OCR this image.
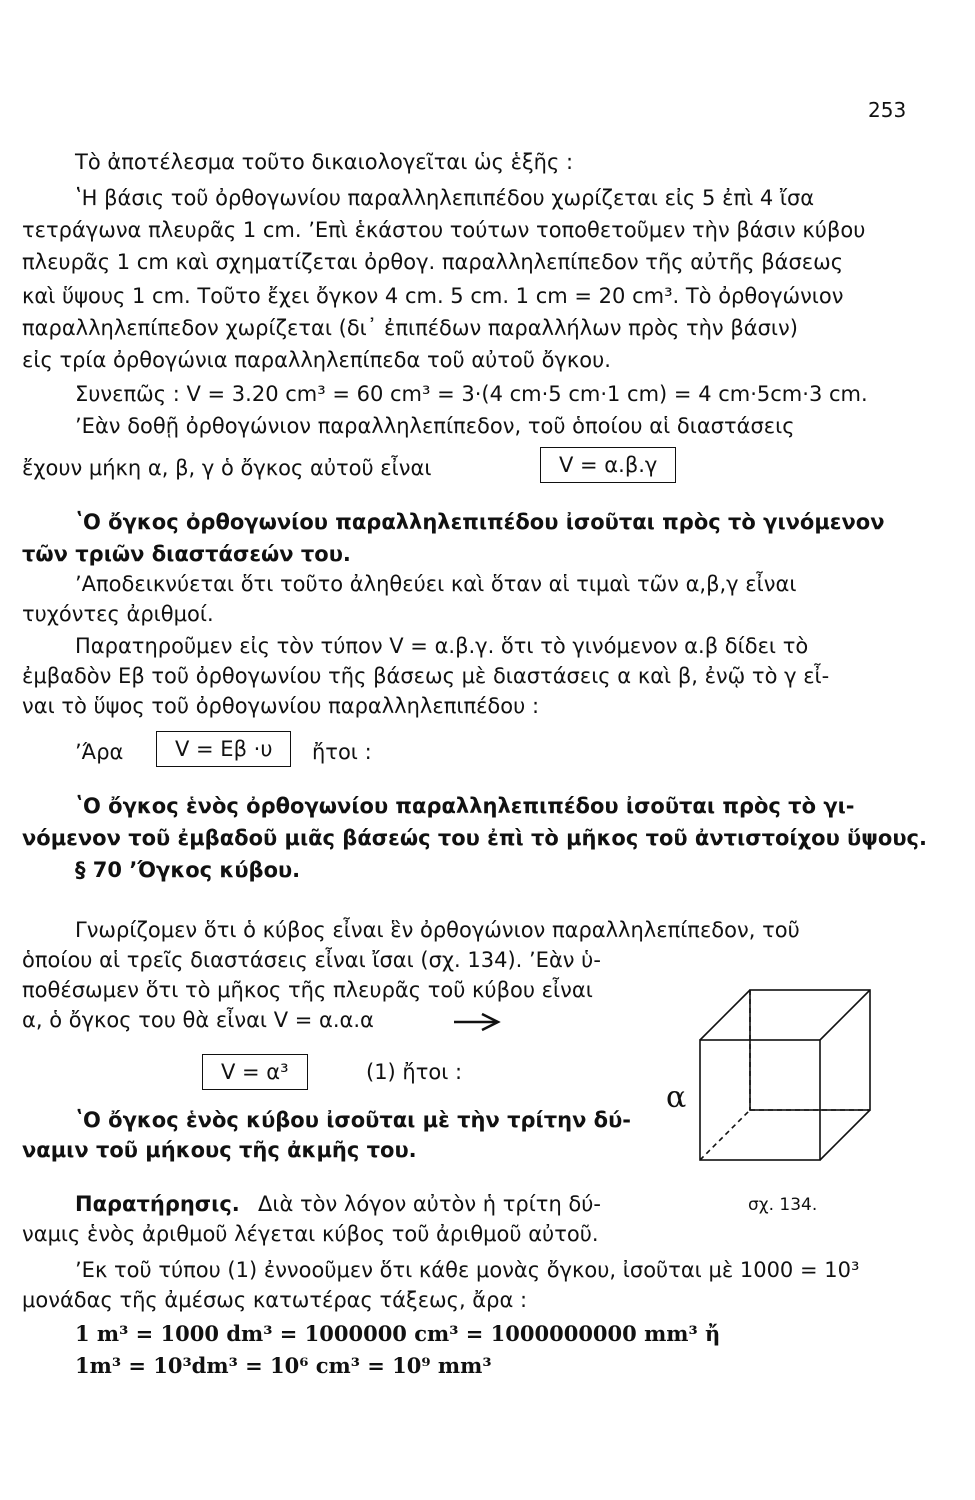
253
Τὸ ἀποτέλεσμα τοῦτο δικαιολογεῖται ὡς ἑξῆς :
ʽΗ βάσις τοῦ ὀρθογωνίου παραλληλεπιπέδου χωρίζεται εἰς 5 ἐπὶ 4 ἴσα
τετράγωνα πλευρᾶς 1 cm. ʼΕπὶ ἑκάστου τούτων τοποθετοῦμεν τὴν βάσιν κύβου
πλευρᾶς 1 cm καὶ σχηματίζεται ὀρθογ. παραλληλεπίπεδον τῆς αὐτῆς βάσεως
καὶ ὕψους 1 cm. Τοῦτο ἔχει ὄγκον 4 cm. 5 cm. 1 cm = 20 cm³. Τὸ ὀρθογώνιον
παραλληλεπίπεδον χωρίζεται (δι᾽ ἐπιπέδων παραλλήλων πρὸς τὴν βάσιν)
εἰς τρία ὀρθογώνια παραλληλεπίπεδα τοῦ αὐτοῦ ὄγκου.
Συνεπῶς : V = 3.20 cm³ = 60 cm³ = 3·(4 cm·5 cm·1 cm) = 4 cm·5cm·3 cm.
ʼΕὰν δοθῇ ὀρθογώνιον παραλληλεπίπεδον, τοῦ ὁποίου αἱ διαστάσεις
ἔχουν μήκη α, β, γ ὁ ὄγκος αὐτοῦ εἶναι	V = α.β.γ
ʽΟ ὄγκος ὀρθογωνίου παραλληλεπιπέδου ἰσοῦται πρὸς τὸ γινόμενον
τῶν τριῶν διαστάσεών του.
ʼΑποδεικνύεται ὅτι τοῦτο ἀληθεύει καὶ ὅταν αἱ τιμαὶ τῶν α,β,γ εἶναι
τυχόντες ἀριθμοί.
Παρατηροῦμεν εἰς τὸν τύπον V = α.β.γ. ὅτι τὸ γινόμενον α.β δίδει τὸ
ἐμβαδὸν Eβ τοῦ ὀρθογωνίου τῆς βάσεως μὲ διαστάσεις α καὶ β, ἐνῷ τὸ γ εἶ-
ναι τὸ ὕψος τοῦ ὀρθογωνίου παραλληλεπιπέδου :
ʼΆρα	V = Eβ ·υ	ἤτοι :
ʽΟ ὄγκος ἑνὸς ὀρθογωνίου παραλληλεπιπέδου ἰσοῦται πρὸς τὸ γι-
νόμενον τοῦ ἐμβαδοῦ μιᾶς βάσεώς του ἐπὶ τὸ μῆκος τοῦ ἀντιστοίχου ὕψους.
§ 70 ʼΌγκος κύβου.
Γνωρίζομεν ὅτι ὁ κύβος εἶναι ἓν ὀρθογώνιον παραλληλεπίπεδον, τοῦ
ὁποίου αἱ τρεῖς διαστάσεις εἶναι ἴσαι (σχ. 134). ʼΕὰν ὑ-
ποθέσωμεν ὅτι τὸ μῆκος τῆς πλευρᾶς τοῦ κύβου εἶναι
α, ὁ ὄγκος του θὰ εἶναι V = α.α.α
V = α³	(1) ἤτοι :
ʽΟ ὄγκος ἑνὸς κύβου ἰσοῦται μὲ τὴν τρίτην δύ-
ναμιν τοῦ μήκους τῆς ἀκμῆς του.
Παρατήρησις. Διὰ τὸν λόγον αὐτὸν ἡ τρίτη δύ-
ναμις ἑνὸς ἀριθμοῦ λέγεται κύβος τοῦ ἀριθμοῦ αὐτοῦ.
ʼΕκ τοῦ τύπου (1) ἐννοοῦμεν ὅτι κάθε μονὰς ὄγκου, ἰσοῦται μὲ 1000 = 10³
μονάδας τῆς ἀμέσως κατωτέρας τάξεως, ἄρα :
1 m³ = 1000 dm³ = 1000000 cm³ = 1000000000 mm³ ἤ
1m³ = 10³dm³ = 10⁶ cm³ = 10⁹ mm³
α
σχ. 134.
